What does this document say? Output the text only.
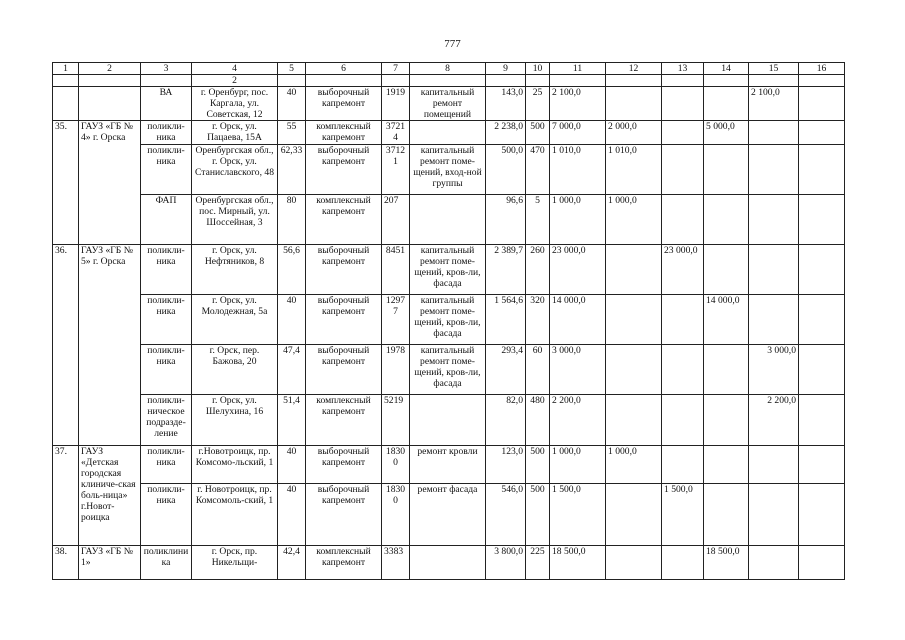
777
1	2	3	4	5	6	7	8	9	10	11	12	13	14	15	16
			2												
		ВА	г. Оренбург, пос. Каргала, ул. Советская, 12	40	выборочный капремонт	1919	капитальный ремонт помещений	143,0	25	2 100,0				2 100,0	
35.	ГАУЗ «ГБ № 4» г. Орска	поликли-ника	г. Орск, ул. Пацаева, 15А	55	комплексный капремонт	37214		2 238,0	500	7 000,0	2 000,0		5 000,0		
		поликли-ника	Оренбургская обл., г. Орск, ул. Станиславского, 48	62,33	выборочный капремонт	37121	капитальный ремонт поме-щений, вход-ной группы	500,0	470	1 010,0	1 010,0				
		ФАП	Оренбургская обл., пос. Мирный, ул. Шоссейная, 3	80	комплексный капремонт	207		96,6	5	1 000,0	1 000,0				
36.	ГАУЗ «ГБ № 5» г. Орска	поликли-ника	г. Орск, ул. Нефтяников, 8	56,6	выборочный капремонт	8451	капитальный ремонт поме-щений, кров-ли, фасада	2 389,7	260	23 000,0		23 000,0			
		поликли-ника	г. Орск, ул. Молодежная, 5а	40	выборочный капремонт	12977	капитальный ремонт поме-щений, кров-ли, фасада	1 564,6	320	14 000,0			14 000,0		
		поликли-ника	г. Орск, пер. Бажова, 20	47,4	выборочный капремонт	1978	капитальный ремонт поме-щений, кров-ли, фасада	293,4	60	3 000,0				3 000,0	
		поликли-ническое подразде-ление	г. Орск, ул. Шелухина, 16	51,4	комплексный капремонт	5219		82,0	480	2 200,0				2 200,0	
37.	ГАУЗ «Детская городская клиниче-ская боль-ница» г.Новот-роицка	поликли-ника	г.Новотроицк, пр. Комсомо-льский, 1	40	выборочный капремонт	18300	ремонт кровли	123,0	500	1 000,0	1 000,0				
		поликли-ника	г. Новотроицк, пр. Комсомоль-ский, 1	40	выборочный капремонт	18300	ремонт фасада	546,0	500	1 500,0		1 500,0			
38.	ГАУЗ «ГБ № 1»	поликлини ка	г. Орск, пр. Никельщи-	42,4	комплексный капремонт	3383		3 800,0	225	18 500,0			18 500,0		
